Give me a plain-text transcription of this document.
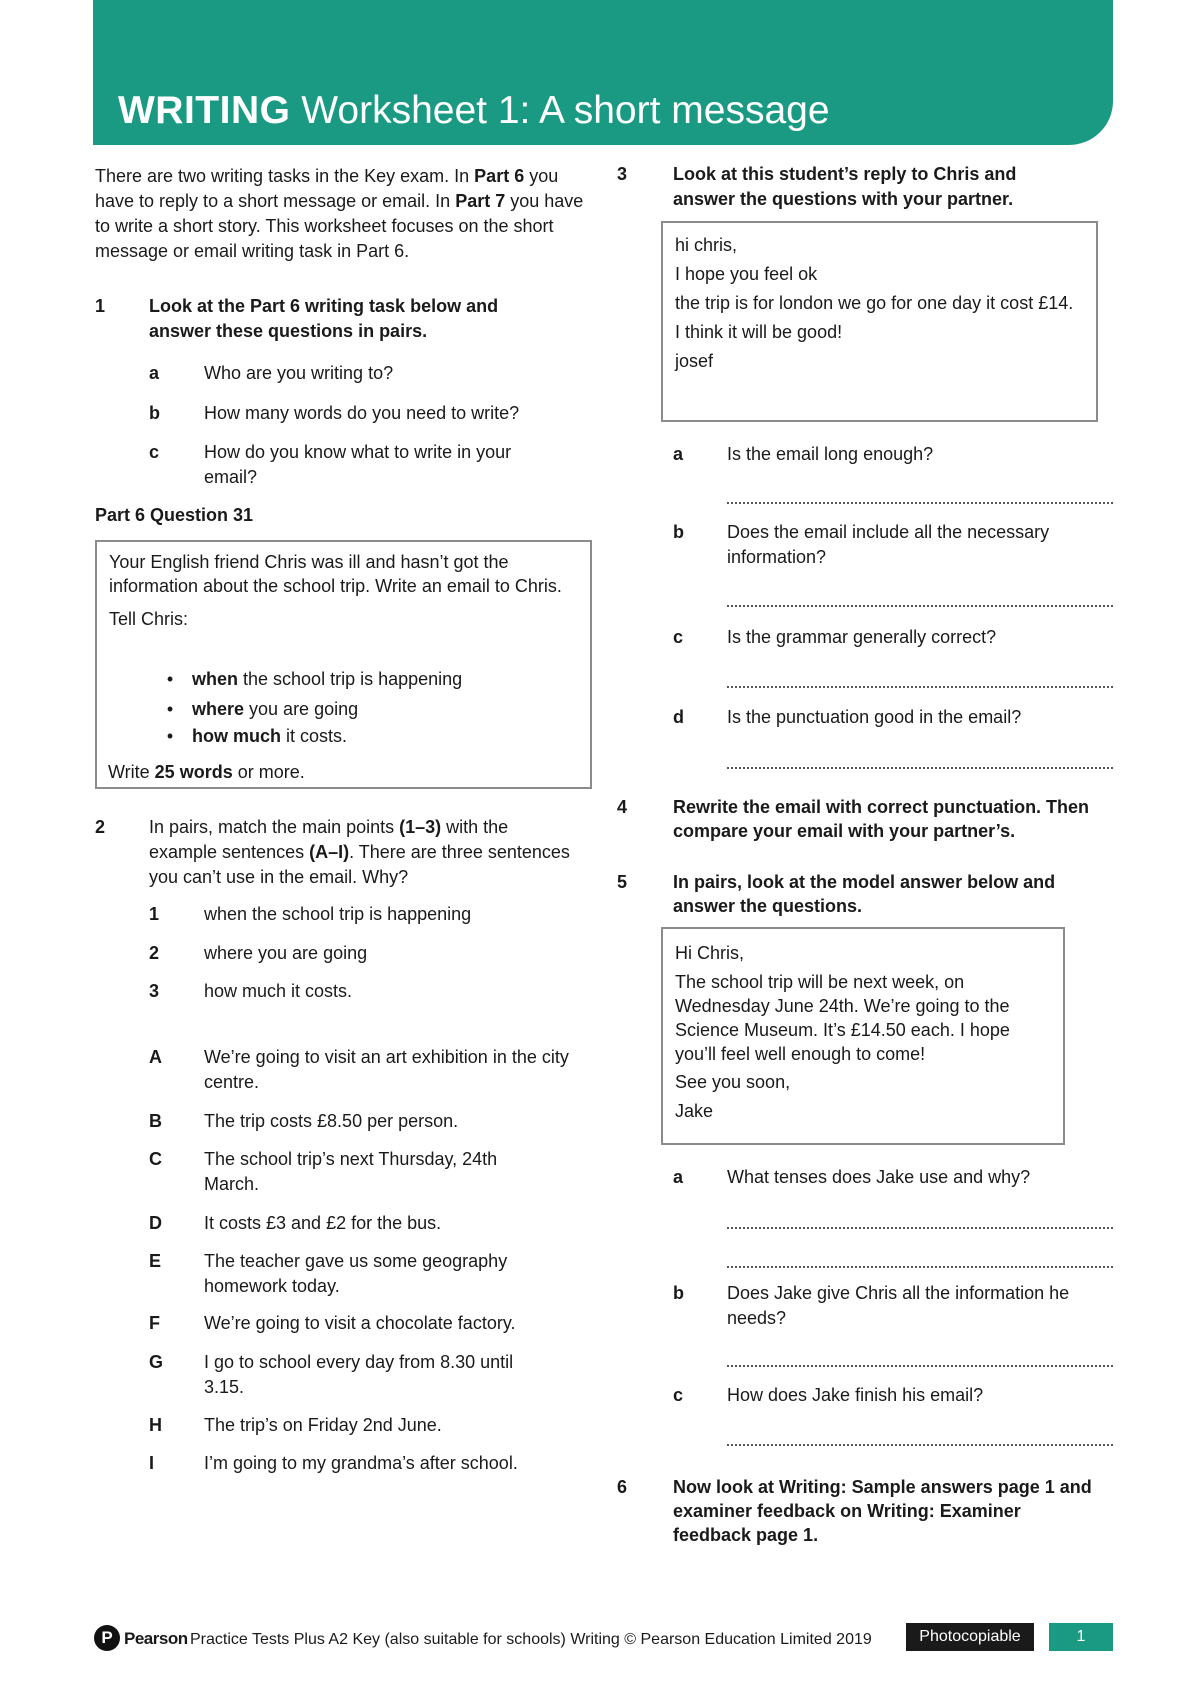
WRITING Worksheet 1: A short message
There are two writing tasks in the Key exam. In Part 6 you have to reply to a short message or email. In Part 7 you have to write a short story. This worksheet focuses on the short message or email writing task in Part 6.
1	Look at the Part 6 writing task below and answer these questions in pairs.
a	Who are you writing to?
b	How many words do you need to write?
c	How do you know what to write in your email?
Part 6 Question 31

Your English friend Chris was ill and hasn’t got the information about the school trip. Write an email to Chris.

Tell Chris:

• when the school trip is happening
• where you are going
• how much it costs.
Write 25 words or more.
2	In pairs, match the main points (1–3) with the example sentences (A–I). There are three sentences you can’t use in the email. Why?
1	when the school trip is happening
2	where you are going
3	how much it costs.
A	We’re going to visit an art exhibition in the city centre.
B	The trip costs £8.50 per person.
C	The school trip’s next Thursday, 24th March.
D	It costs £3 and £2 for the bus.
E	The teacher gave us some geography homework today.
F	We’re going to visit a chocolate factory.
G	I go to school every day from 8.30 until 3.15.
H	The trip’s on Friday 2nd June.
I	I’m going to my grandma’s after school.
3	Look at this student’s reply to Chris and answer the questions with your partner.

hi chris,

I hope you feel ok

the trip is for london we go for one day it cost £14.

I think it will be good!

josef

a	Is the email long enough?
b	Does the email include all the necessary information?
c	Is the grammar generally correct?
d	Is the punctuation good in the email?
4	Rewrite the email with correct punctuation. Then compare your email with your partner’s.
5	In pairs, look at the model answer below and answer the questions.

Hi Chris,

The school trip will be next week, on Wednesday June 24th. We’re going to the Science Museum. It’s £14.50 each. I hope you’ll feel well enough to come!

See you soon,

Jake

a	What tenses does Jake use and why?
b	Does Jake give Chris all the information he needs?
c	How does Jake finish his email?
6	Now look at Writing: Sample answers page 1 and examiner feedback on Writing: Examiner feedback page 1.
P Pearson Practice Tests Plus A2 Key (also suitable for schools) Writing © Pearson Education Limited 2019	Photocopiable	1
